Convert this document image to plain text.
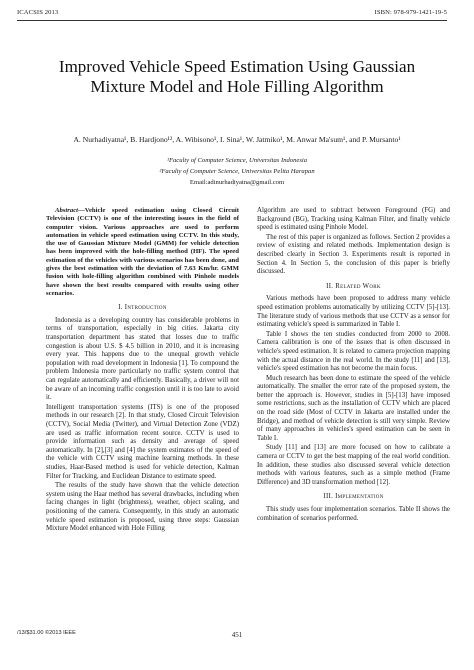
ICACSIS 2013	ISBN: 978-979-1421-19-5
Improved Vehicle Speed Estimation Using Gaussian Mixture Model and Hole Filling Algorithm
A. Nurhadiyatna¹, B. Hardjono¹², A. Wibisono¹, I. Sina¹, W. Jatmiko¹, M. Anwar Ma'sum¹, and P. Mursanto¹
¹Faculty of Computer Science, Universitas Indonesia
²Faculty of Computer Science, Universitas Pelita Harapan
Email:adinurhadiyatna@gmail.com

Abstract—Vehicle speed estimation using Closed Circuit Television (CCTV) is one of the interesting issues in the field of computer vision. Various approaches are used to perform automation in vehicle speed estimation using CCTV. In this study, the use of Gaussian Mixture Model (GMM) for vehicle detection has been improved with the hole-filling method (HF). The speed estimation of the vehicles with various scenarios has been done, and gives the best estimation with the deviation of 7.63 Km/hr. GMM fusion with hole-filling algorithm combined with Pinhole models have shown the best results compared with results using other scenarios.

I. Introduction

Indonesia as a developing country has considerable problems in terms of transportation, especially in big cities. Jakarta city transportation department has stated that losses due to traffic congestion is about U.S. $ 4.5 billion in 2010, and it is increasing every year. This happens due to the unequal growth vehicle population with road development in Indonesia [1]. To compound the problem Indonesia more particularly no traffic system control that can regulate automatically and efficiently. Basically, a driver will not be aware of an incoming traffic congestion until it is too late to avoid it.

Intelligent transportation systems (ITS) is one of the proposed methods in our research [2]. In that study, Closed Circuit Television (CCTV), Social Media (Twitter), and Virtual Detection Zone (VDZ) are used as traffic information recent source. CCTV is used to provide information such as density and average of speed automatically. In [2],[3] and [4] the system estimates of the speed of the vehicle with CCTV using machine learning methods. In these studies, Haar-Based method is used for vehicle detection, Kalman Filter for Tracking, and Euclidean Distance to estimate speed.

The results of the study have shown that the vehicle detection system using the Haar method has several drawbacks, including when facing changes in light (brightness), weather, object scaling, and positioning of the camera. Consequently, in this study an automatic vehicle speed estimation is proposed, using three steps: Gaussian Mixture Model enhanced with Hole Filling

Algorithm are used to subtract between Foreground (FG) and Background (BG), Tracking using Kalman Filter, and finally vehicle speed is estimated using Pinhole Model.

The rest of this paper is organized as follows. Section 2 provides a review of existing and related methods. Implementation design is described clearly in Section 3. Experiments result is reported in Section 4. In Section 5, the conclusion of this paper is briefly discussed.

II. Related Work

Various methods have been proposed to address many vehicle speed estimation problems automatically by utilizing CCTV [5]-[13]. The literature study of various methods that use CCTV as a sensor for estimating vehicle's speed is summarized in Table I.

Table I shows the ten studies conducted from 2000 to 2008. Camera calibration is one of the issues that is often discussed in vehicle's speed estimation. It is related to camera projection mapping with the actual distance in the real world. In the study [11] and [13], vehicle's speed estimation has not become the main focus.

Much research has been done to estimate the speed of the vehicle automatically. The smaller the error rate of the proposed system, the better the approach is. However, studies in [5]-[13] have imposed some restrictions, such as the installation of CCTV which are placed on the road side (Most of CCTV in Jakarta are installed under the Bridge), and method of vehicle detection is still very simple. Review of many approaches in vehicles's speed estimation can be seen in Table I.

Study [11] and [13] are more focused on how to calibrate a camera or CCTV to get the best mapping of the real world condition. In addition, these studies also discussed several vehicle detection methods with various features, such as a simple method (Frame Difference) and 3D transformation method [12].

III. Implementation

This study uses four implementation scenarios. Table II shows the combination of scenarios performed.

/13/$31.00 ©2013 IEEE	451
